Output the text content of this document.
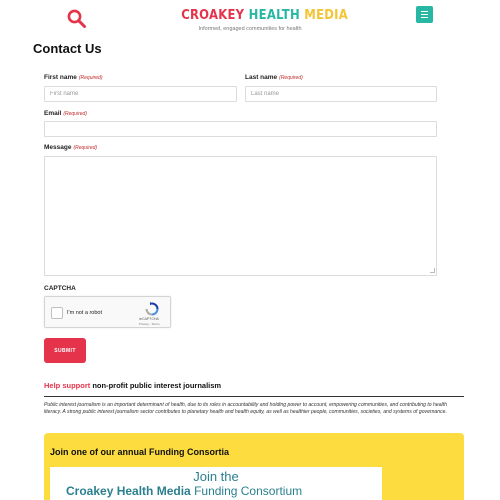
CROAKEY HEALTH MEDIA
Informed, engaged communities for health
Contact Us
First name (Required)
First name	Last name (Required)
Last name
Email (Required)
Message (Required)
CAPTCHA
I'm not a robot
reCAPTCHA
Privacy - Terms
SUBMIT
Help support non-profit public interest journalism

Public interest journalism is an important determinant of health, due to its roles in accountability and holding power to account, empowering communities, and contributing to health literacy. A strong public interest journalism sector contributes to planetary health and health equity, as well as healthier people, communities, societies, and systems of governance.

Join one of our annual Funding Consortia
Join the
Croakey Health Media Funding Consortium
